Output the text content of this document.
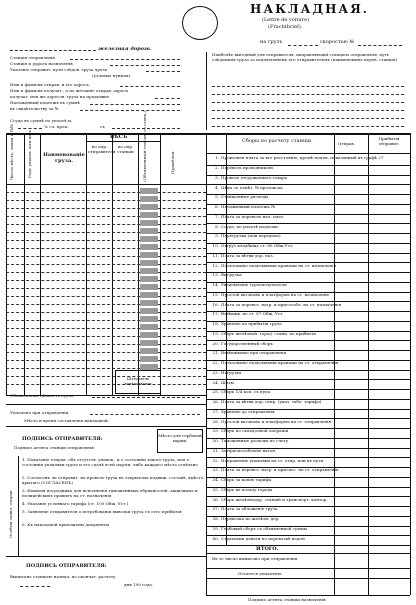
НАКЛАДНАЯ.
(Lettre de voiture)
(Frachtbrief).
на грузъ	скоростью №
железная дорога.
Станція отправленія.
Станція и дорога назначенія.
Указаніе отправит. пути слѣдов. груза чрезъ
(узловые пункты).
Имя и фамилія отправ. и его адресъ.
Имя и фамилія получат., а по желанію отправ. адресъ
получат. или же адресов. груза на предъявит.
Наложенный платежъ въ суммѣ
въ свидѣтельству за №
Ссуда въ суммѣ по уплатѣ.м.
% сл. проц.	съ
Наиболѣе выгодный для отправителя, направляющій станціею отправленія, путь слѣдованія груза за исключеніемъ его отправителемъ (наименованіе перев. станція)
Число мѣстъ, знаки и №№	Родъ упаков. или нать Наименованіе груза.
ВѢСЪ
по опр. отправителя
по опр. станціи	(Объявленный отправ. со станц.)	Примѣчан.
Штемпель взвѣшиванія
Объявленная цѣнность груза
Уплачено при отправленіи
Мѣсто и время составленія накладной:
Мѣсто для гербовой марки.
ПОДПИСЬ ОТПРАВИТЕЛЯ:
Подпись агента станціи отправленія:
Особыя заявл. отправ.
1. Показаніе отправ. объ отсутств. упаков., и о состояніи такого груза, или о состояніи упаковки груза и его сдачѣ всей партіи, либо каждаго мѣста отдѣльно
2. Согласенъ ли отправит. на провозъ груза въ открытомъ подвиж. составѣ, вмѣсто крытаго (СОГЛАСЕНЪ)
3. Фамилія посредника для исполненія таможенныхъ обрядностей, акцизныхъ и полицейскихъ правилъ на ст. назначенія
4. Указаніе условнаго тарифа (ст. 100 Общ. Уст.)
5. Заявленіе отправителя о потребованіи вывозки груза съ сего прибытія
6. Къ накладной приложены документы
ПОДПИСЬ ОТПРАВИТЕЛЯ:
Выписано станцією назнач. по окончат. расчету
дня 190 года.
Сборы по расчету станціи.	Отправ.
Прибытія отправит.
1. Провозная плата за все расстояніе, кромѣ платы, показанный въ графѣ 27
2. Перевозъ проводниковъ
3. Провозъ отгружаемаго товара
4. Цѣна съ отмѣт. № протокола
5. Станціонные расходы
6. Наложенный платежъ №
7. Плата за перевозъ нал. плат.
8. Ссуда, по уплатѣ подъемн.
9. Перегрузка (или передача)
10. Отгруз кладбище ст. 60 Общ.Уст.
11. Плата за вѣтви дор. наз.
12. Пользованіе подъемными кранами на ст. назначенія
13. Выгрузка
14. Уведомленіе гурзополучателя
15. Простой вагоновъ и платформъ на ст. назначенія
16. Плата за перевоз. нагр. и присособл. на ст. назначенія
17. Взвѣшив. по ст. 87 Общ. Уст.
18. Храненіе по прибытіи груза
19. Сборъ желѣзной. город. станц. по прибытіи
20. Государственный сборъ
21. Взвѣшиваніе при отправленіи
22. Пользованіе подъемными кранами на ст. отправленія
23. Нагрузка
24. Щиты
25. Сборъ 1/4 коп. съ пуда
26. Плата за вѣтви дор. отпр. (указ. табл. тарифа)
27. Храненіе до отправленія
28. Простой вагоновъ и платформъ на ст. отправленія
29. Сборъ по складочной операціи
30. Таможенные расходы по счету
31. За приспособленіе вагон.
32. Исправленіе упаковки на ст. отпр. или въ пути
33. Плата за перевоз. нагр. и приспос. на ст. отправленія
34. Сборъ за копію тарифа
35. Сборъ въ пользу города
36. Сборъ желѣзнодор. станцій и транспорт. контор.
37. Плата за обложеніе груза
38. Перевозка по желѣзн. дор.
39. Гербовый сборъ съ объявленной суммы
40. Страховыя деньги по перевозкѣ водою
ИТОГО.
Въ то число выписано при отправленіи
Остается доплатить
Подпись агента станціи назначенія.
